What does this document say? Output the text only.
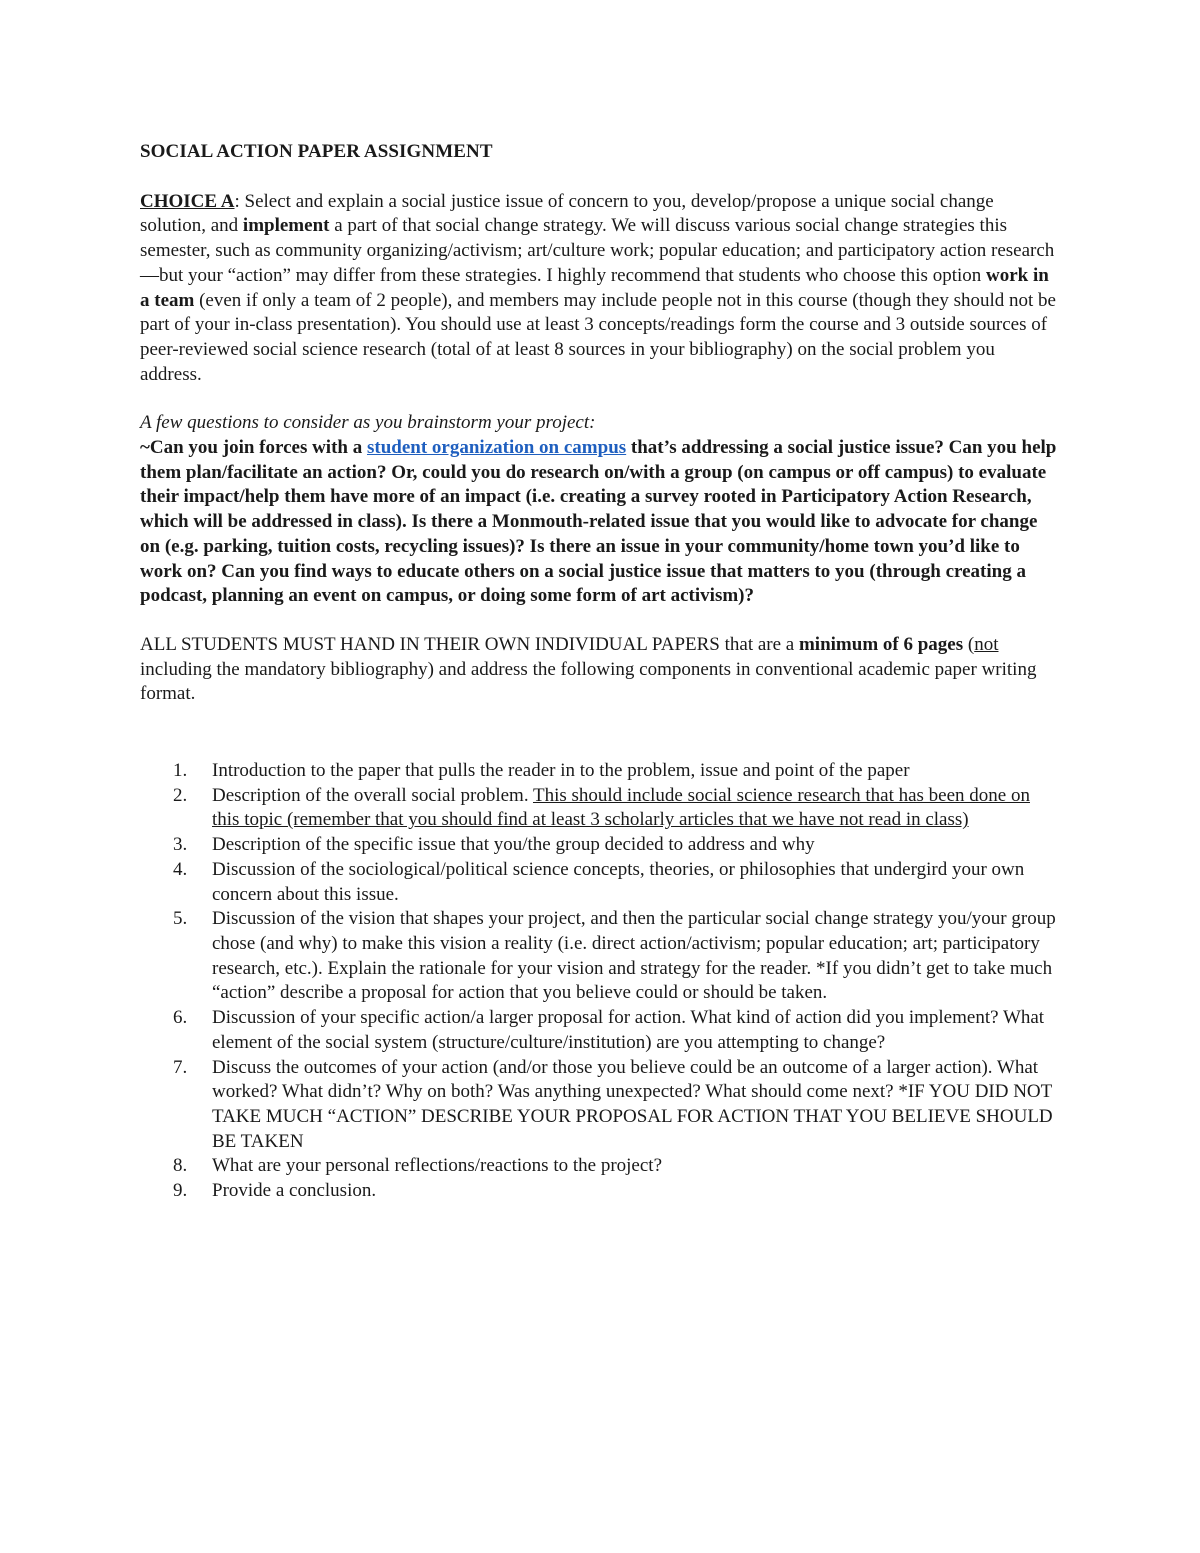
SOCIAL ACTION PAPER ASSIGNMENT

CHOICE A: Select and explain a social justice issue of concern to you, develop/propose a unique social change solution, and implement a part of that social change strategy. We will discuss various social change strategies this semester, such as community organizing/activism; art/culture work; popular education; and participatory action research—but your “action” may differ from these strategies. I highly recommend that students who choose this option work in a team (even if only a team of 2 people), and members may include people not in this course (though they should not be part of your in-class presentation). You should use at least 3 concepts/readings form the course and 3 outside sources of peer-reviewed social science research (total of at least 8 sources in your bibliography) on the social problem you address.

A few questions to consider as you brainstorm your project:

~Can you join forces with a student organization on campus that’s addressing a social justice issue? Can you help them plan/facilitate an action? Or, could you do research on/with a group (on campus or off campus) to evaluate their impact/help them have more of an impact (i.e. creating a survey rooted in Participatory Action Research, which will be addressed in class). Is there a Monmouth-related issue that you would like to advocate for change on (e.g. parking, tuition costs, recycling issues)? Is there an issue in your community/home town you’d like to work on? Can you find ways to educate others on a social justice issue that matters to you (through creating a podcast, planning an event on campus, or doing some form of art activism)?

ALL STUDENTS MUST HAND IN THEIR OWN INDIVIDUAL PAPERS that are a minimum of 6 pages (not including the mandatory bibliography) and address the following components in conventional academic paper writing format.

1. Introduction to the paper that pulls the reader in to the problem, issue and point of the paper
2. Description of the overall social problem. This should include social science research that has been done on this topic (remember that you should find at least 3 scholarly articles that we have not read in class)
3. Description of the specific issue that you/the group decided to address and why
4. Discussion of the sociological/political science concepts, theories, or philosophies that undergird your own concern about this issue.
5. Discussion of the vision that shapes your project, and then the particular social change strategy you/your group chose (and why) to make this vision a reality (i.e. direct action/activism; popular education; art; participatory research, etc.). Explain the rationale for your vision and strategy for the reader. *If you didn’t get to take much “action” describe a proposal for action that you believe could or should be taken.
6. Discussion of your specific action/a larger proposal for action. What kind of action did you implement? What element of the social system (structure/culture/institution) are you attempting to change?
7. Discuss the outcomes of your action (and/or those you believe could be an outcome of a larger action). What worked? What didn’t? Why on both? Was anything unexpected? What should come next? *IF YOU DID NOT TAKE MUCH “ACTION” DESCRIBE YOUR PROPOSAL FOR ACTION THAT YOU BELIEVE SHOULD BE TAKEN
8. What are your personal reflections/reactions to the project?
9. Provide a conclusion.
